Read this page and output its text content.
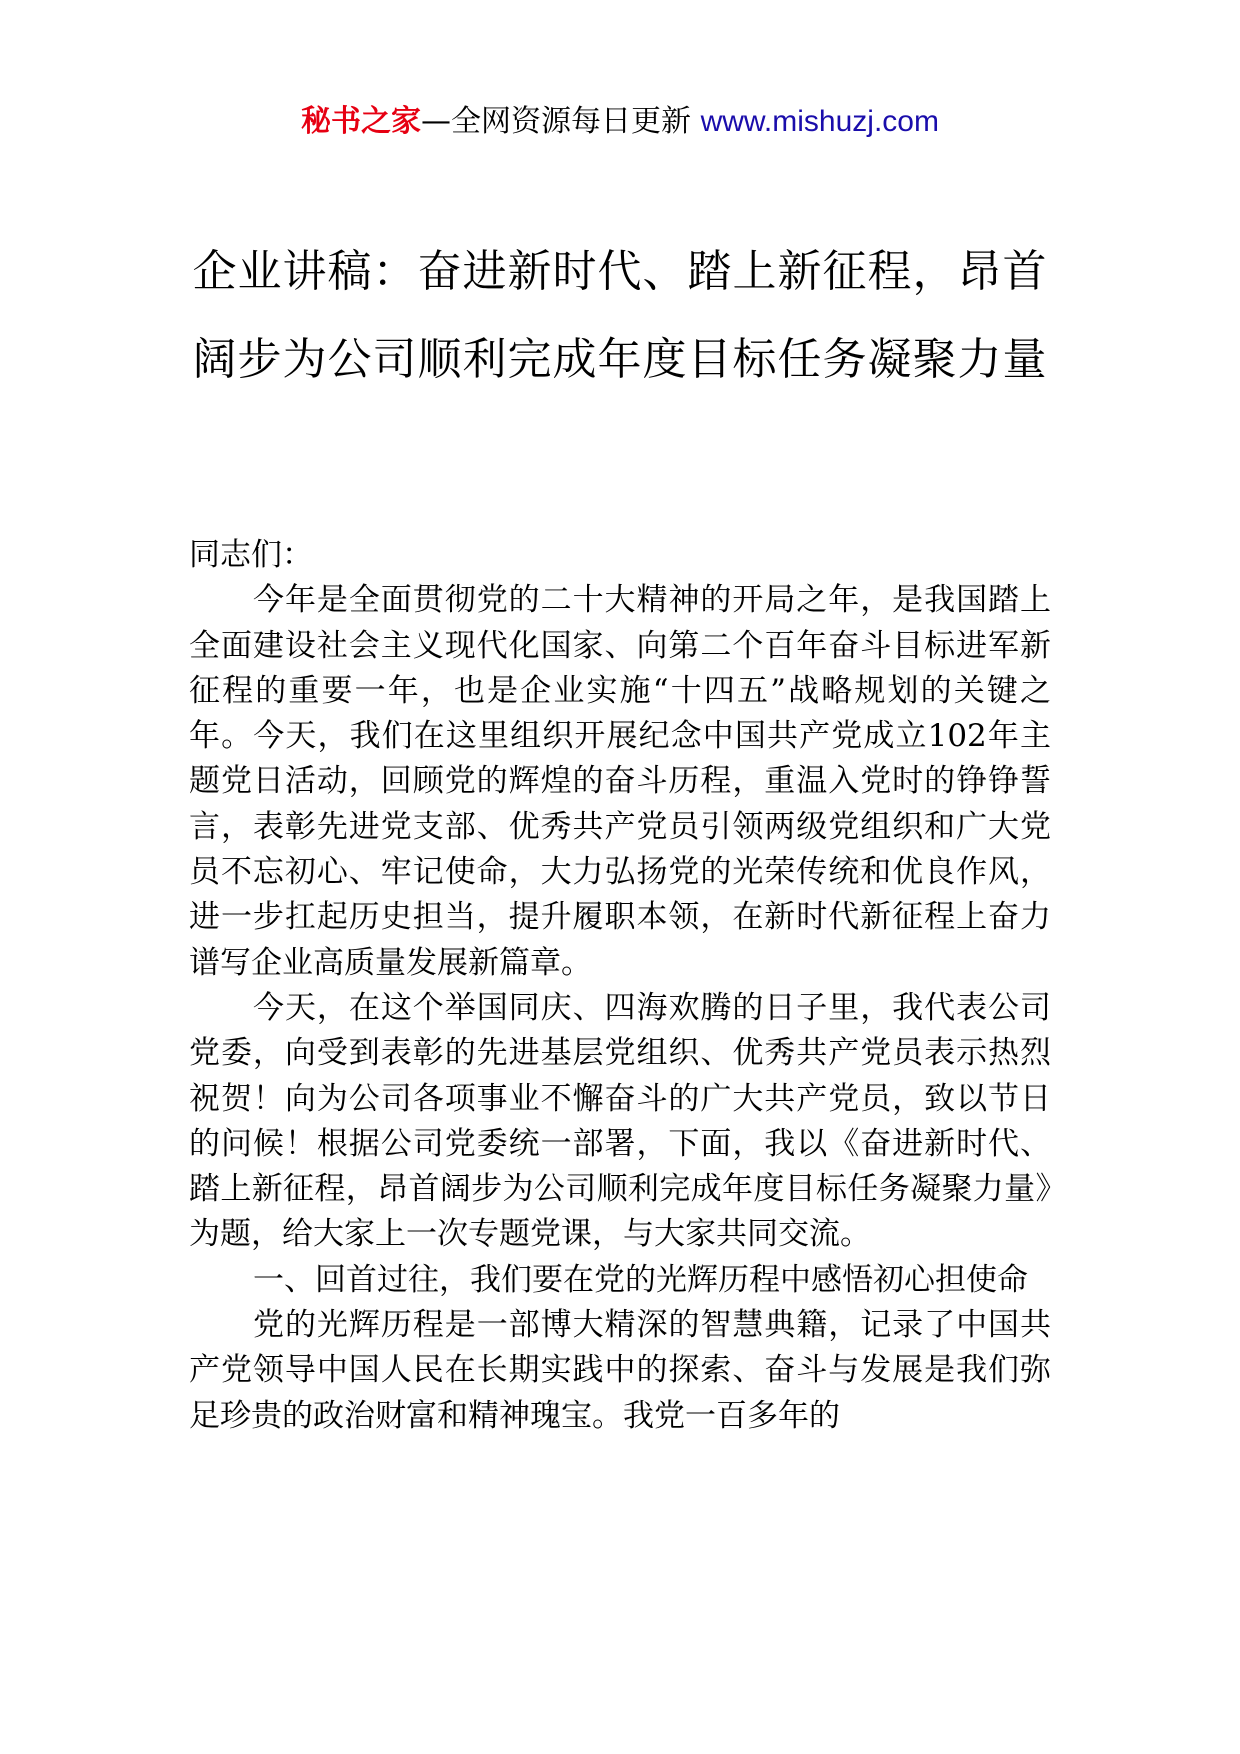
秘书之家—全网资源每日更新 www.mishuzj.com
企业讲稿：奋进新时代、踏上新征程，昂首阔步为公司顺利完成年度目标任务凝聚力量

同志们：

今年是全面贯彻党的二十大精神的开局之年，是我国踏上全面建设社会主义现代化国家、向第二个百年奋斗目标进军新征程的重要一年，也是企业实施“十四五”战略规划的关键之年。今天，我们在这里组织开展纪念中国共产党成立102年主题党日活动，回顾党的辉煌的奋斗历程，重温入党时的铮铮誓言，表彰先进党支部、优秀共产党员引领两级党组织和广大党员不忘初心、牢记使命，大力弘扬党的光荣传统和优良作风，进一步扛起历史担当，提升履职本领，在新时代新征程上奋力谱写企业高质量发展新篇章。

今天，在这个举国同庆、四海欢腾的日子里，我代表公司党委，向受到表彰的先进基层党组织、优秀共产党员表示热烈祝贺！向为公司各项事业不懈奋斗的广大共产党员，致以节日的问候！根据公司党委统一部署，下面，我以《奋进新时代、踏上新征程，昂首阔步为公司顺利完成年度目标任务凝聚力量》为题，给大家上一次专题党课，与大家共同交流。

一、回首过往，我们要在党的光辉历程中感悟初心担使命

党的光辉历程是一部博大精深的智慧典籍，记录了中国共产党领导中国人民在长期实践中的探索、奋斗与发展是我们弥足珍贵的政治财富和精神瑰宝。我党一百多年的
